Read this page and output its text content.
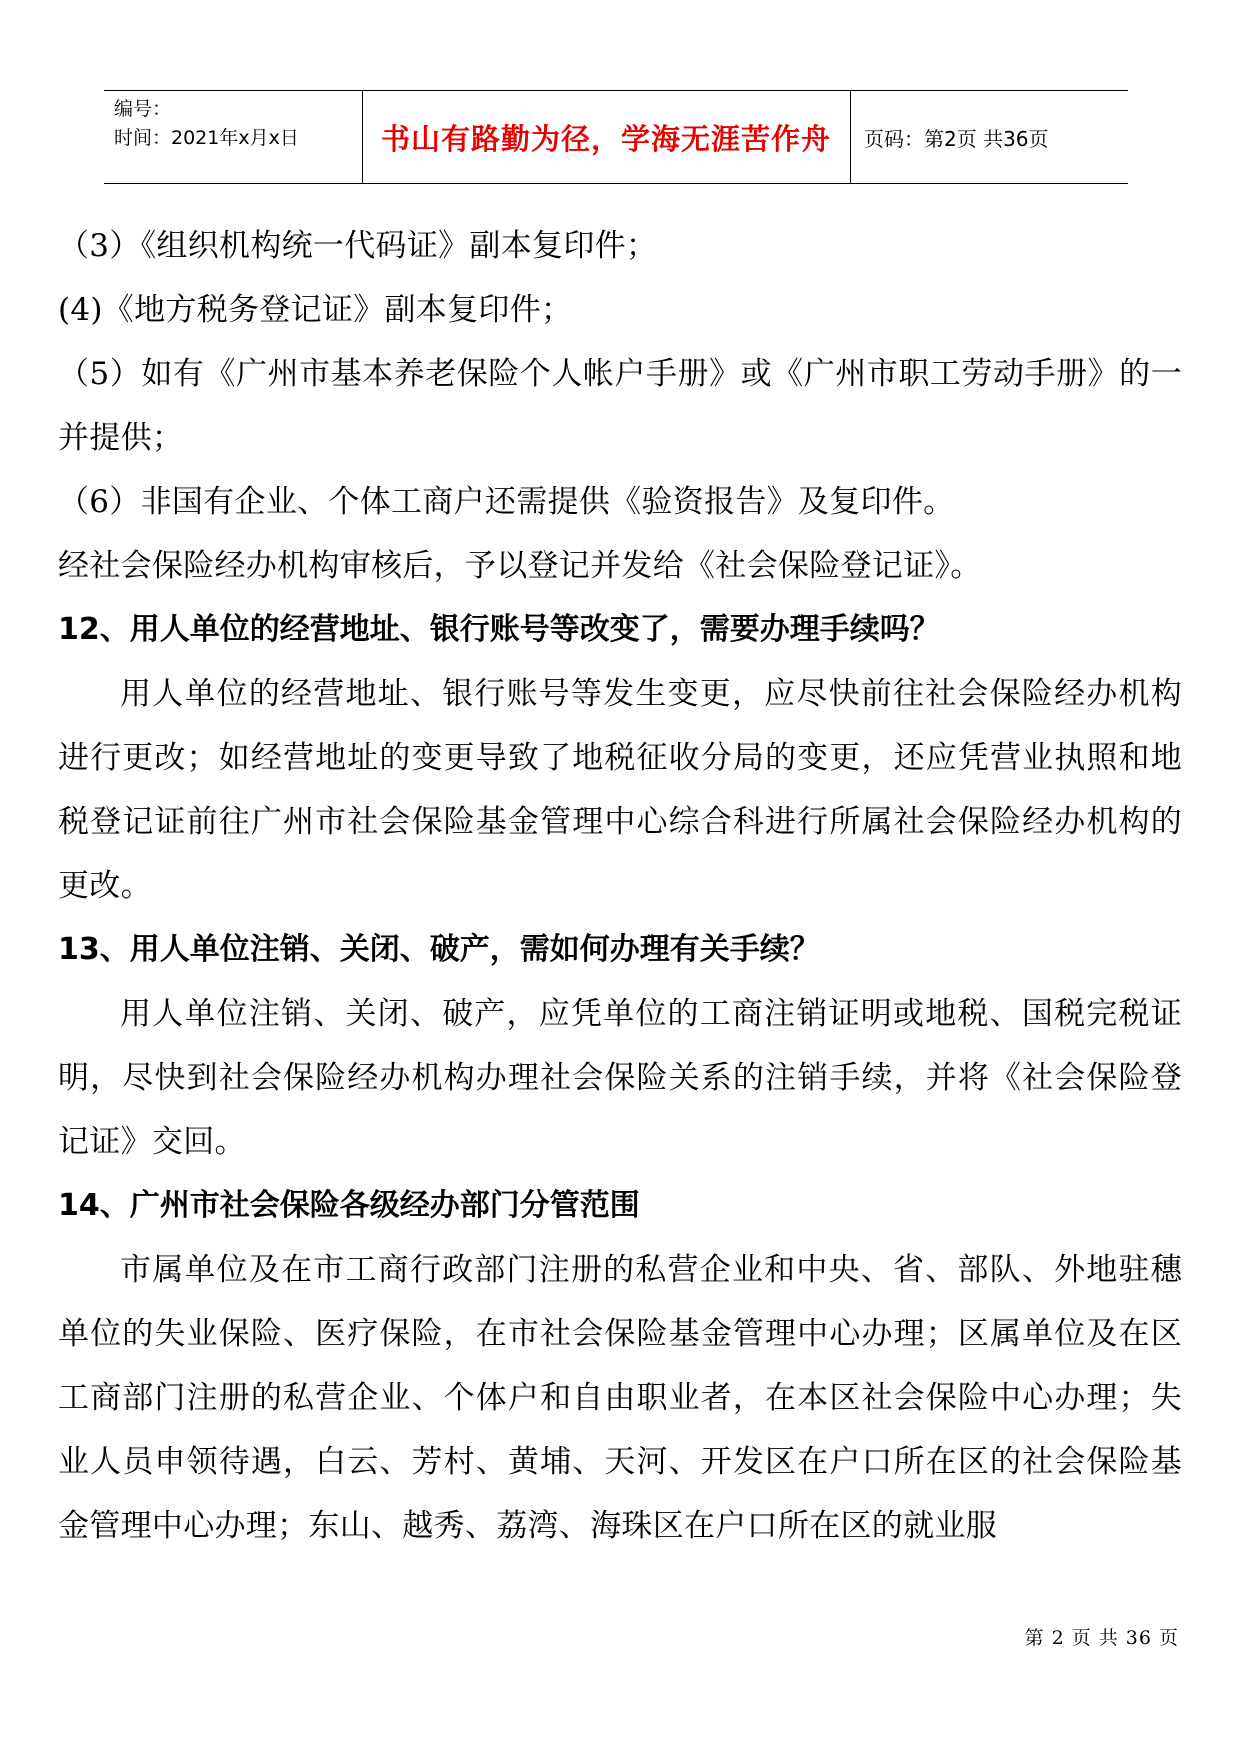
编号：
时间：2021年x月x日	书山有路勤为径，学海无涯苦作舟	页码：第2页 共36页

（3）《组织机构统一代码证》副本复印件；

(4)《地方税务登记证》副本复印件；

（5）如有《广州市基本养老保险个人帐户手册》或《广州市职工劳动手册》的一并提供；

（6）非国有企业、个体工商户还需提供《验资报告》及复印件。

经社会保险经办机构审核后，予以登记并发给《社会保险登记证》。

12、用人单位的经营地址、银行账号等改变了，需要办理手续吗？

用人单位的经营地址、银行账号等发生变更，应尽快前往社会保险经办机构进行更改；如经营地址的变更导致了地税征收分局的变更，还应凭营业执照和地税登记证前往广州市社会保险基金管理中心综合科进行所属社会保险经办机构的更改。

13、用人单位注销、关闭、破产，需如何办理有关手续？

用人单位注销、关闭、破产，应凭单位的工商注销证明或地税、国税完税证明，尽快到社会保险经办机构办理社会保险关系的注销手续，并将《社会保险登记证》交回。

14、广州市社会保险各级经办部门分管范围

市属单位及在市工商行政部门注册的私营企业和中央、省、部队、外地驻穗单位的失业保险、医疗保险，在市社会保险基金管理中心办理；区属单位及在区工商部门注册的私营企业、个体户和自由职业者，在本区社会保险中心办理；失业人员申领待遇，白云、芳村、黄埔、天河、开发区在户口所在区的社会保险基金管理中心办理；东山、越秀、荔湾、海珠区在户口所在区的就业服

第 2 页 共 36 页
